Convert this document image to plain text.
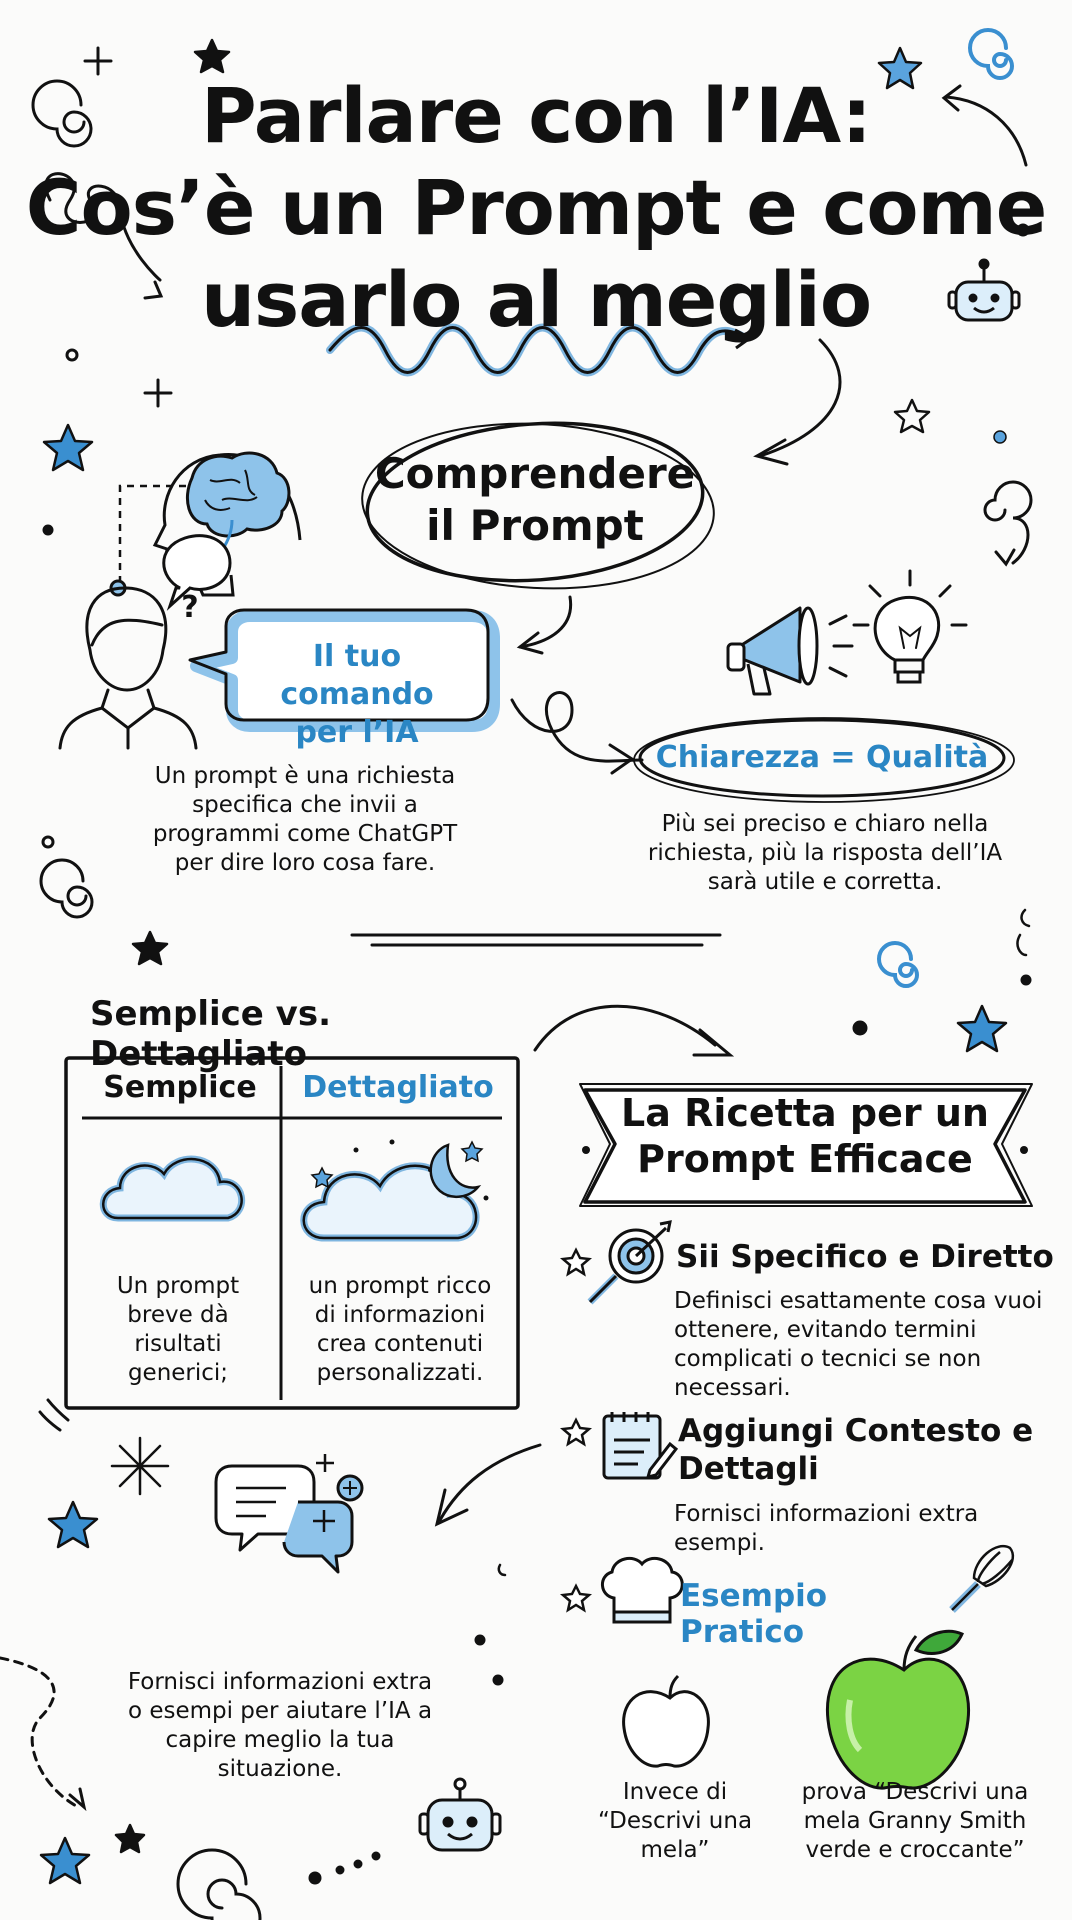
Parlare con l’IA:
Cos’è un Prompt e come
usarlo al meglio
Comprendere
il Prompt
?
Il tuo comando
per l’IA
Un prompt è una richiesta
specifica che invii a
programmi come ChatGPT
per dire loro cosa fare.
Chiarezza = Qualità
Più sei preciso e chiaro nella
richiesta, più la risposta dell’IA
sarà utile e corretta.
Semplice vs. Dettagliato
Semplice	Dettagliato
Un prompt
breve dà
risultati
generici;
un prompt ricco
di informazioni
crea contenuti
personalizzati.
La Ricetta per un
Prompt Efficace
Sii Specifico e Diretto
Definisci esattamente cosa vuoi
ottenere, evitando termini
complicati o tecnici se non
necessari.
Aggiungi Contesto e
Dettagli
Fornisci informazioni extra
esempi.
Esempio Pratico
Fornisci informazioni extra
o esempi per aiutare l’IA a
capire meglio la tua
situazione.
Invece di
“Descrivi una
mela”
prova “Descrivi una
mela Granny Smith
verde e croccante”
